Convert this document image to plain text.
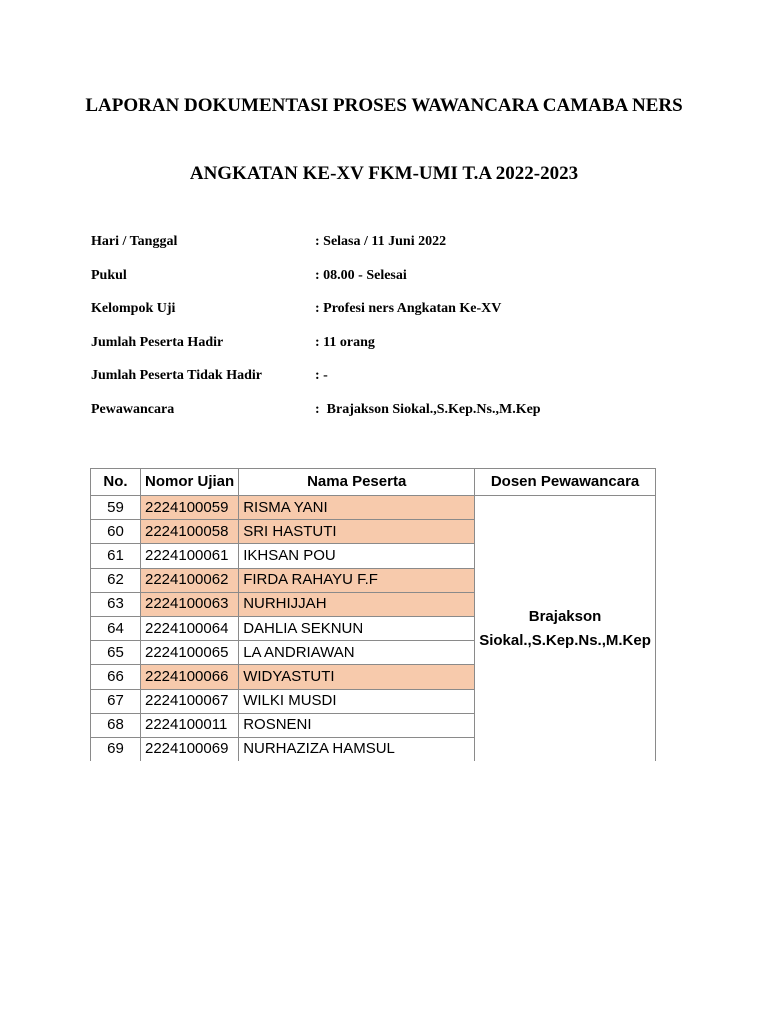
LAPORAN DOKUMENTASI PROSES WAWANCARA CAMABA NERS
ANGKATAN KE-XV FKM-UMI T.A 2022-2023
Hari / Tanggal	: Selasa / 11 Juni 2022
Pukul	: 08.00 - Selesai
Kelompok Uji	: Profesi ners Angkatan Ke-XV
Jumlah Peserta Hadir	: 11 orang
Jumlah Peserta Tidak Hadir	: -
Pewawancara	:  Brajakson Siokal.,S.Kep.Ns.,M.Kep
No.	Nomor Ujian	Nama Peserta	Dosen Pewawancara
59	2224100059	RISMA YANI	Brajakson
Siokal.,S.Kep.Ns.,M.Kep

60	2224100058	SRI HASTUTI	
61	2224100061	IKHSAN POU	
62	2224100062	FIRDA RAHAYU F.F	
63	2224100063	NURHIJJAH	
64	2224100064	DAHLIA SEKNUN	
65	2224100065	LA ANDRIAWAN	
66	2224100066	WIDYASTUTI	
67	2224100067	WILKI MUSDI	
68	2224100011	ROSNENI	
69	2224100069	NURHAZIZA HAMSUL	
